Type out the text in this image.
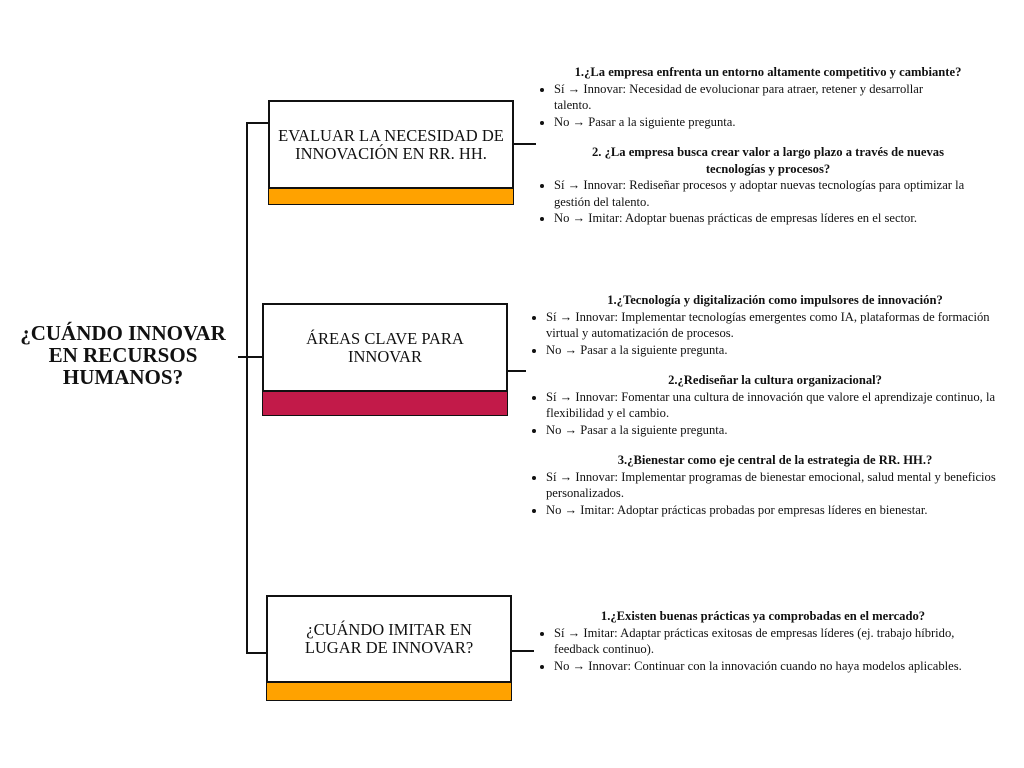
¿CUÁNDO INNOVAR EN RECURSOS HUMANOS?
EVALUAR LA NECESIDAD DE INNOVACIÓN EN RR. HH.
ÁREAS CLAVE PARA INNOVAR
¿CUÁNDO IMITAR EN LUGAR DE INNOVAR?
1.¿La empresa enfrenta un entorno altamente competitivo y cambiante?
• Sí → Innovar: Necesidad de evolucionar para atraer, retener y desarrollar talento.
• No → Pasar a la siguiente pregunta.
2. ¿La empresa busca crear valor a largo plazo a través de nuevas tecnologías y procesos?
• Sí → Innovar: Rediseñar procesos y adoptar nuevas tecnologías para optimizar la gestión del talento.
• No → Imitar: Adoptar buenas prácticas de empresas líderes en el sector.
1.¿Tecnología y digitalización como impulsores de innovación?
• Sí → Innovar: Implementar tecnologías emergentes como IA, plataformas de formación virtual y automatización de procesos.
• No → Pasar a la siguiente pregunta.
2.¿Rediseñar la cultura organizacional?
• Sí → Innovar: Fomentar una cultura de innovación que valore el aprendizaje continuo, la flexibilidad y el cambio.
• No → Pasar a la siguiente pregunta.
3.¿Bienestar como eje central de la estrategia de RR. HH.?
• Sí → Innovar: Implementar programas de bienestar emocional, salud mental y beneficios personalizados.
• No → Imitar: Adoptar prácticas probadas por empresas líderes en bienestar.
1.¿Existen buenas prácticas ya comprobadas en el mercado?
• Sí → Imitar: Adaptar prácticas exitosas de empresas líderes (ej. trabajo híbrido, feedback continuo).
• No → Innovar: Continuar con la innovación cuando no haya modelos aplicables.
